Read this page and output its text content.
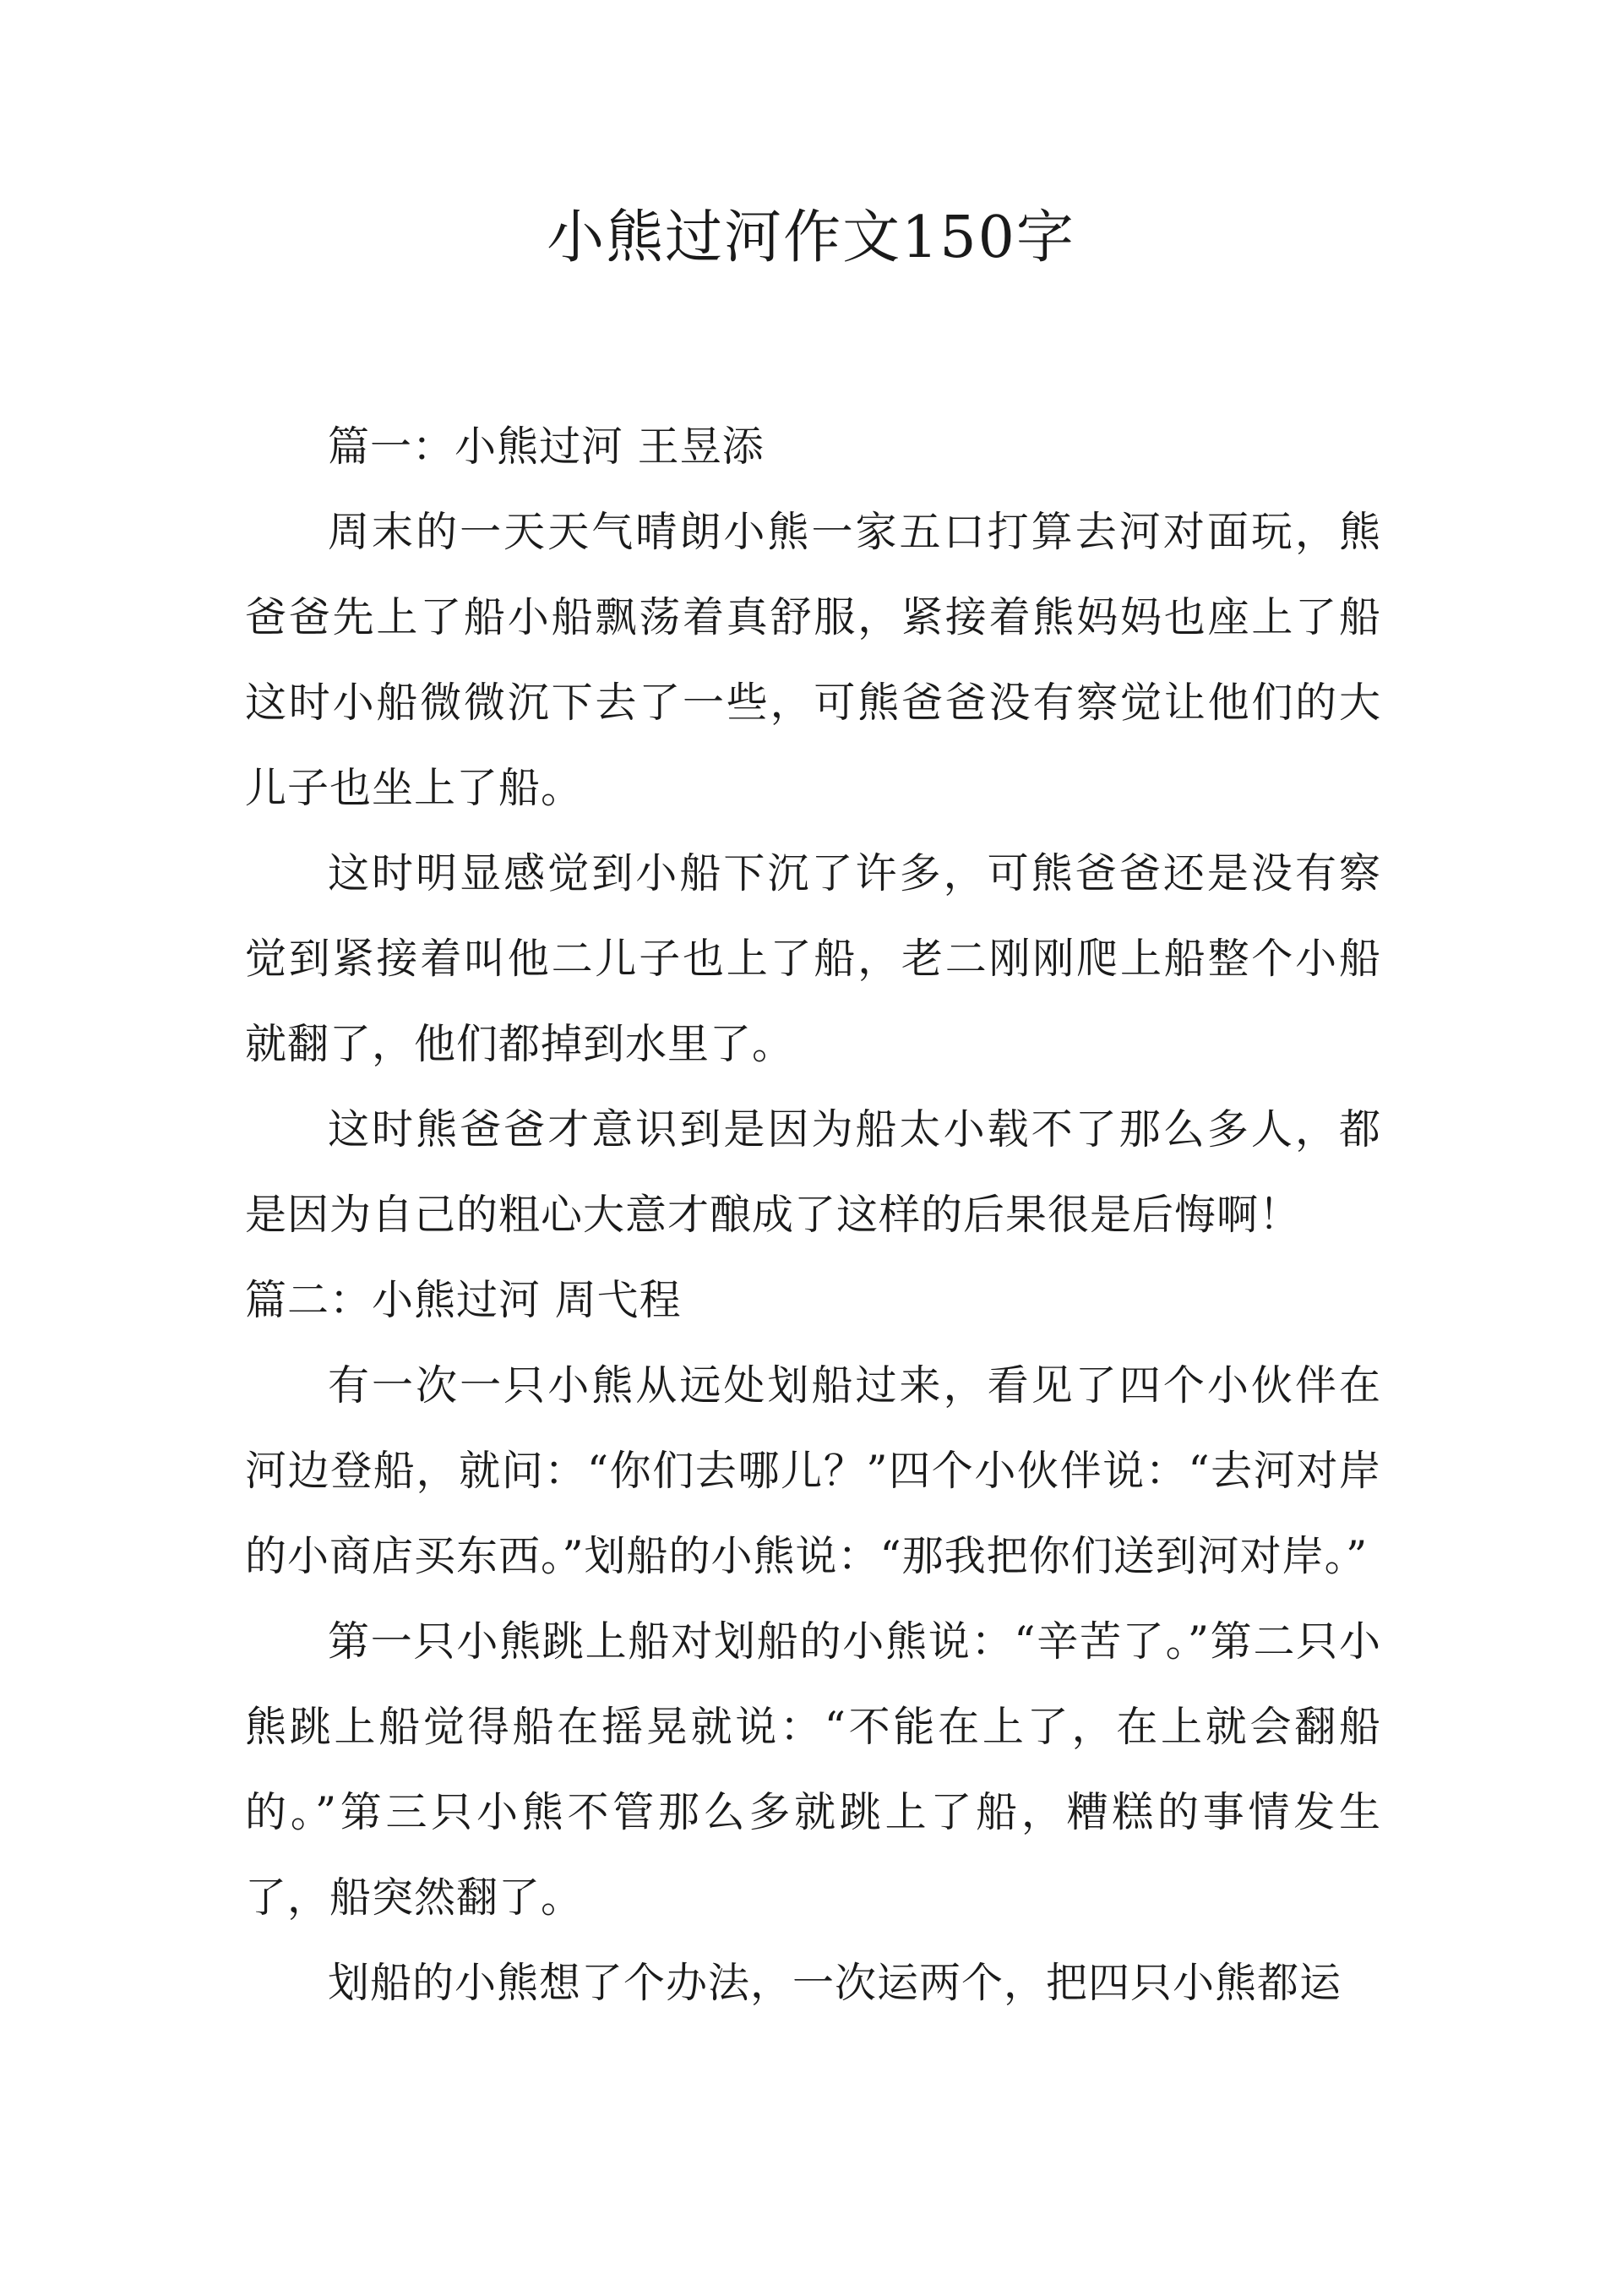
小熊过河作文150字

篇一：小熊过河 王昱添

周末的一天天气晴朗小熊一家五口打算去河对面玩，熊爸爸先上了船小船飘荡着真舒服，紧接着熊妈妈也座上了船这时小船微微沉下去了一些，可熊爸爸没有察觉让他们的大儿子也坐上了船。

这时明显感觉到小船下沉了许多，可熊爸爸还是没有察觉到紧接着叫他二儿子也上了船，老二刚刚爬上船整个小船就翻了，他们都掉到水里了。

这时熊爸爸才意识到是因为船太小载不了那么多人，都是因为自己的粗心大意才酿成了这样的后果很是后悔啊！

篇二：小熊过河 周弋程

有一次一只小熊从远处划船过来，看见了四个小伙伴在河边登船，就问：“你们去哪儿？”四个小伙伴说：“去河对岸的小商店买东西。”划船的小熊说：“那我把你们送到河对岸。”

第一只小熊跳上船对划船的小熊说：“辛苦了。”第二只小熊跳上船觉得船在摇晃就说：“不能在上了，在上就会翻船的。”第三只小熊不管那么多就跳上了船，糟糕的事情发生了，船突然翻了。

划船的小熊想了个办法，一次运两个，把四只小熊都运
